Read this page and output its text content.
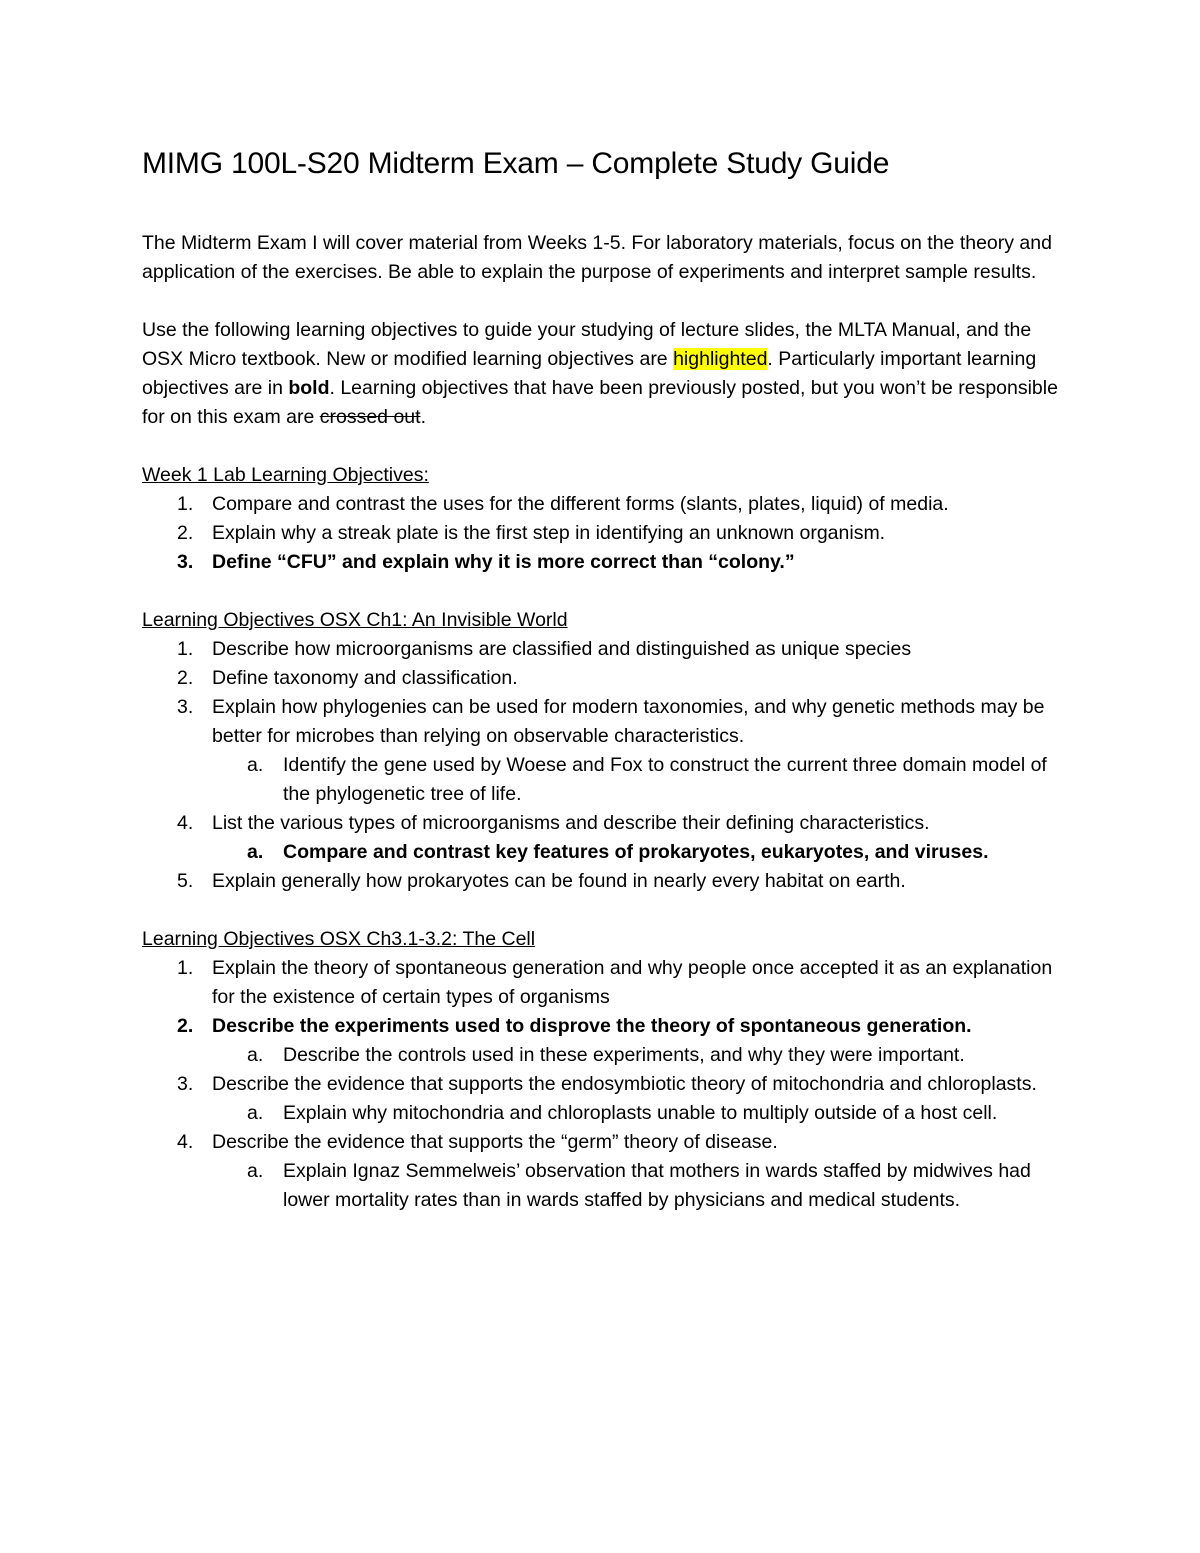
MIMG 100L-S20 Midterm Exam – Complete Study Guide

The Midterm Exam I will cover material from Weeks 1-5. For laboratory materials, focus on the theory and application of the exercises. Be able to explain the purpose of experiments and interpret sample results.

Use the following learning objectives to guide your studying of lecture slides, the MLTA Manual, and the OSX Micro textbook. New or modified learning objectives are highlighted. Particularly important learning objectives are in bold. Learning objectives that have been previously posted, but you won’t be responsible for on this exam are crossed out.

Week 1 Lab Learning Objectives:

1. Compare and contrast the uses for the different forms (slants, plates, liquid) of media.
2. Explain why a streak plate is the first step in identifying an unknown organism.
3. Define “CFU” and explain why it is more correct than “colony.”

Learning Objectives OSX Ch1: An Invisible World

1. Describe how microorganisms are classified and distinguished as unique species
2. Define taxonomy and classification.
3. Explain how phylogenies can be used for modern taxonomies, and why genetic methods may be better for microbes than relying on observable characteristics.
a. Identify the gene used by Woese and Fox to construct the current three domain model of the phylogenetic tree of life.
4. List the various types of microorganisms and describe their defining characteristics.
a. Compare and contrast key features of prokaryotes, eukaryotes, and viruses.
5. Explain generally how prokaryotes can be found in nearly every habitat on earth.

Learning Objectives OSX Ch3.1-3.2: The Cell

1. Explain the theory of spontaneous generation and why people once accepted it as an explanation for the existence of certain types of organisms
2. Describe the experiments used to disprove the theory of spontaneous generation.
a. Describe the controls used in these experiments, and why they were important.
3. Describe the evidence that supports the endosymbiotic theory of mitochondria and chloroplasts.
a. Explain why mitochondria and chloroplasts unable to multiply outside of a host cell.
4. Describe the evidence that supports the “germ” theory of disease.
a. Explain Ignaz Semmelweis’ observation that mothers in wards staffed by midwives had lower mortality rates than in wards staffed by physicians and medical students.
